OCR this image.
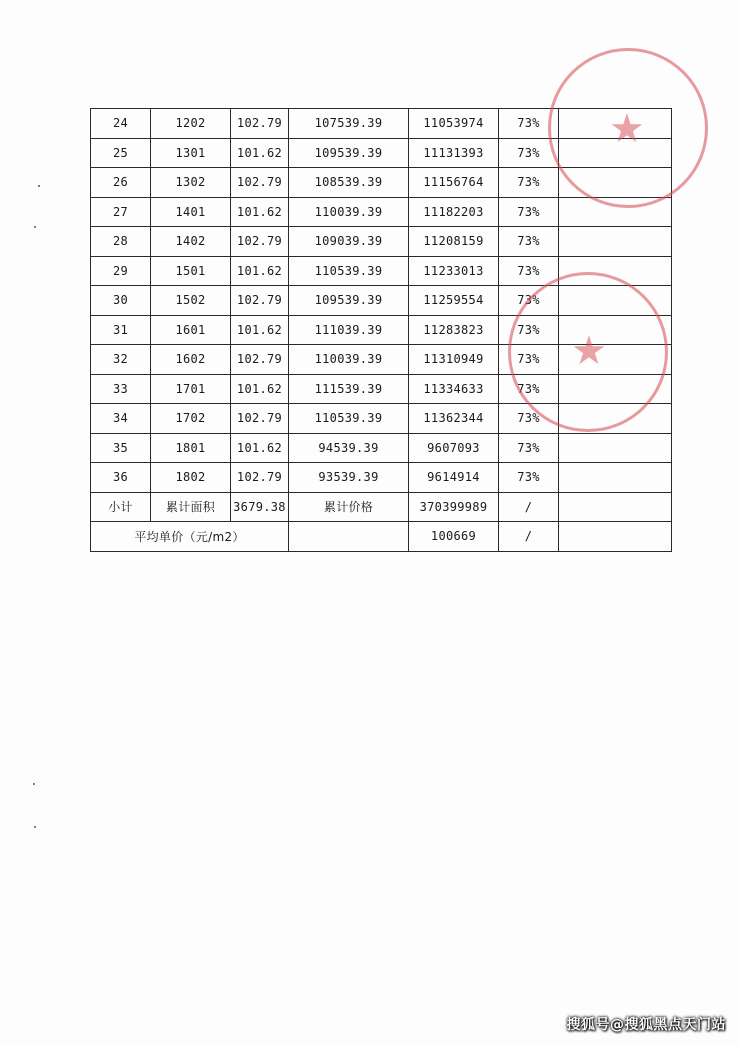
24	1202	102.79	107539.39	11053974	73%	
25	1301	101.62	109539.39	11131393	73%	
26	1302	102.79	108539.39	11156764	73%	
27	1401	101.62	110039.39	11182203	73%	
28	1402	102.79	109039.39	11208159	73%	
29	1501	101.62	110539.39	11233013	73%	
30	1502	102.79	109539.39	11259554	73%	
31	1601	101.62	111039.39	11283823	73%	
32	1602	102.79	110039.39	11310949	73%	
33	1701	101.62	111539.39	11334633	73%	
34	1702	102.79	110539.39	11362344	73%	
35	1801	101.62	94539.39	9607093	73%	
36	1802	102.79	93539.39	9614914	73%	
小计	累计面积	3679.38	累计价格	370399989	/	
平均单价（元/m2）				100669	/	
★
★
搜狐号@搜狐黑点天门站
